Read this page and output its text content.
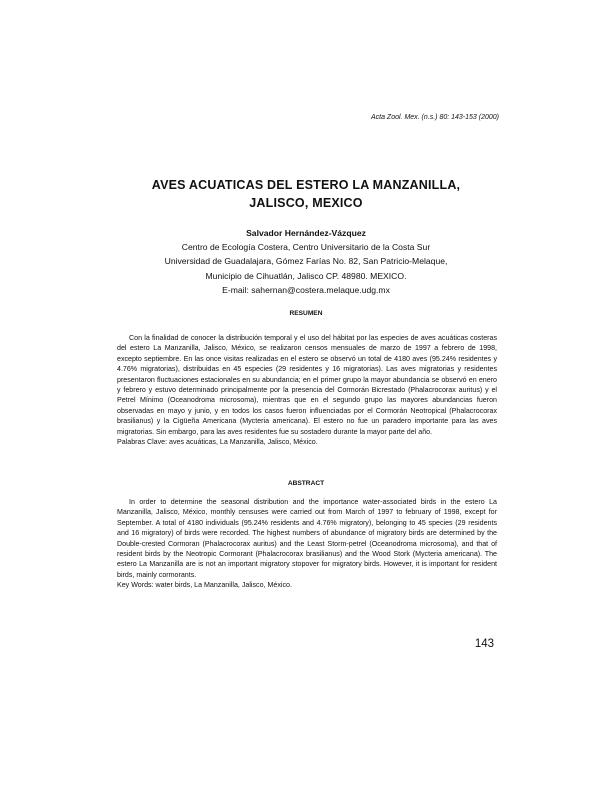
Acta Zool. Mex. (n.s.) 80: 143-153 (2000)
AVES ACUATICAS DEL ESTERO LA MANZANILLA,
JALISCO, MEXICO
Salvador Hernández-Vázquez
Centro de Ecología Costera, Centro Universitario de la Costa Sur
Universidad de Guadalajara, Gómez Farías No. 82, San Patricio-Melaque,
Municipio de Cihuatlán, Jalisco CP. 48980. MEXICO.
E-mail: sahernan@costera.melaque.udg.mx
RESUMEN

Con la finalidad de conocer la distribución temporal y el uso del hábitat por las especies de aves acuáticas costeras del estero La Manzanilla, Jalisco, México, se realizaron censos mensuales de marzo de 1997 a febrero de 1998, excepto septiembre. En las once visitas realizadas en el estero se observó un total de 4180 aves (95.24% residentes y 4.76% migratorias), distribuidas en 45 especies (29 residentes y 16 migratorias). Las aves migratorias y residentes presentaron fluctuaciones estacionales en su abundancia; en el primer grupo la mayor abundancia se observó en enero y febrero y estuvo determinado principalmente por la presencia del Cormorán Bicrestado (Phalacrocorax auritus) y el Petrel Mínimo (Oceanodroma microsoma), mientras que en el segundo grupo las mayores abundancias fueron observadas en mayo y junio, y en todos los casos fueron influenciadas por el Cormorán Neotropical (Phalacrocorax brasilianus) y la Cigüeña Americana (Mycteria americana). El estero no fue un paradero importante para las aves migratorias. Sin embargo, para las aves residentes fue su sostadero durante la mayor parte del año.

Palabras Clave: aves acuáticas, La Manzanilla, Jalisco, México.

ABSTRACT

In order to determine the seasonal distribution and the importance water-associated birds in the estero La Manzanilla, Jalisco, México, monthly censuses were carried out from March of 1997 to february of 1998, except for September. A total of 4180 individuals (95.24% residents and 4.76% migratory), belonging to 45 species (29 residents and 16 migratory) of birds were recorded. The highest numbers of abundance of migratory birds are determined by the Double-crested Cormoran (Phalacrocorax auritus) and the Least Storm-petrel (Oceanodroma microsoma), and that of resident birds by the Neotropic Cormorant (Phalacrocorax brasilianus) and the Wood Stork (Mycteria americana). The estero La Manzanilla are is not an important migratory stopover for migratory birds. However, it is important for resident birds, mainly cormorants.

Key Words: water birds, La Manzanilla, Jalisco, México.

143
